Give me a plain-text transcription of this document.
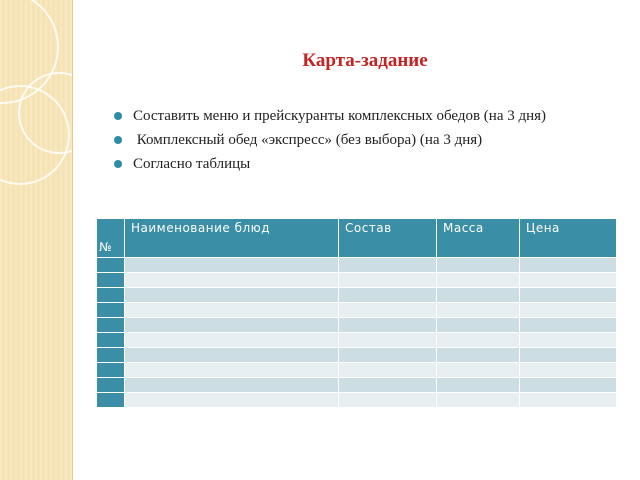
Карта-задание
Составить меню и прейскуранты комплексных обедов (на 3 дня)
Комплексный обед «экспресс» (без выбора) (на 3 дня)
Согласно таблицы
№	Наименование блюд	Состав	Масса	Цена
